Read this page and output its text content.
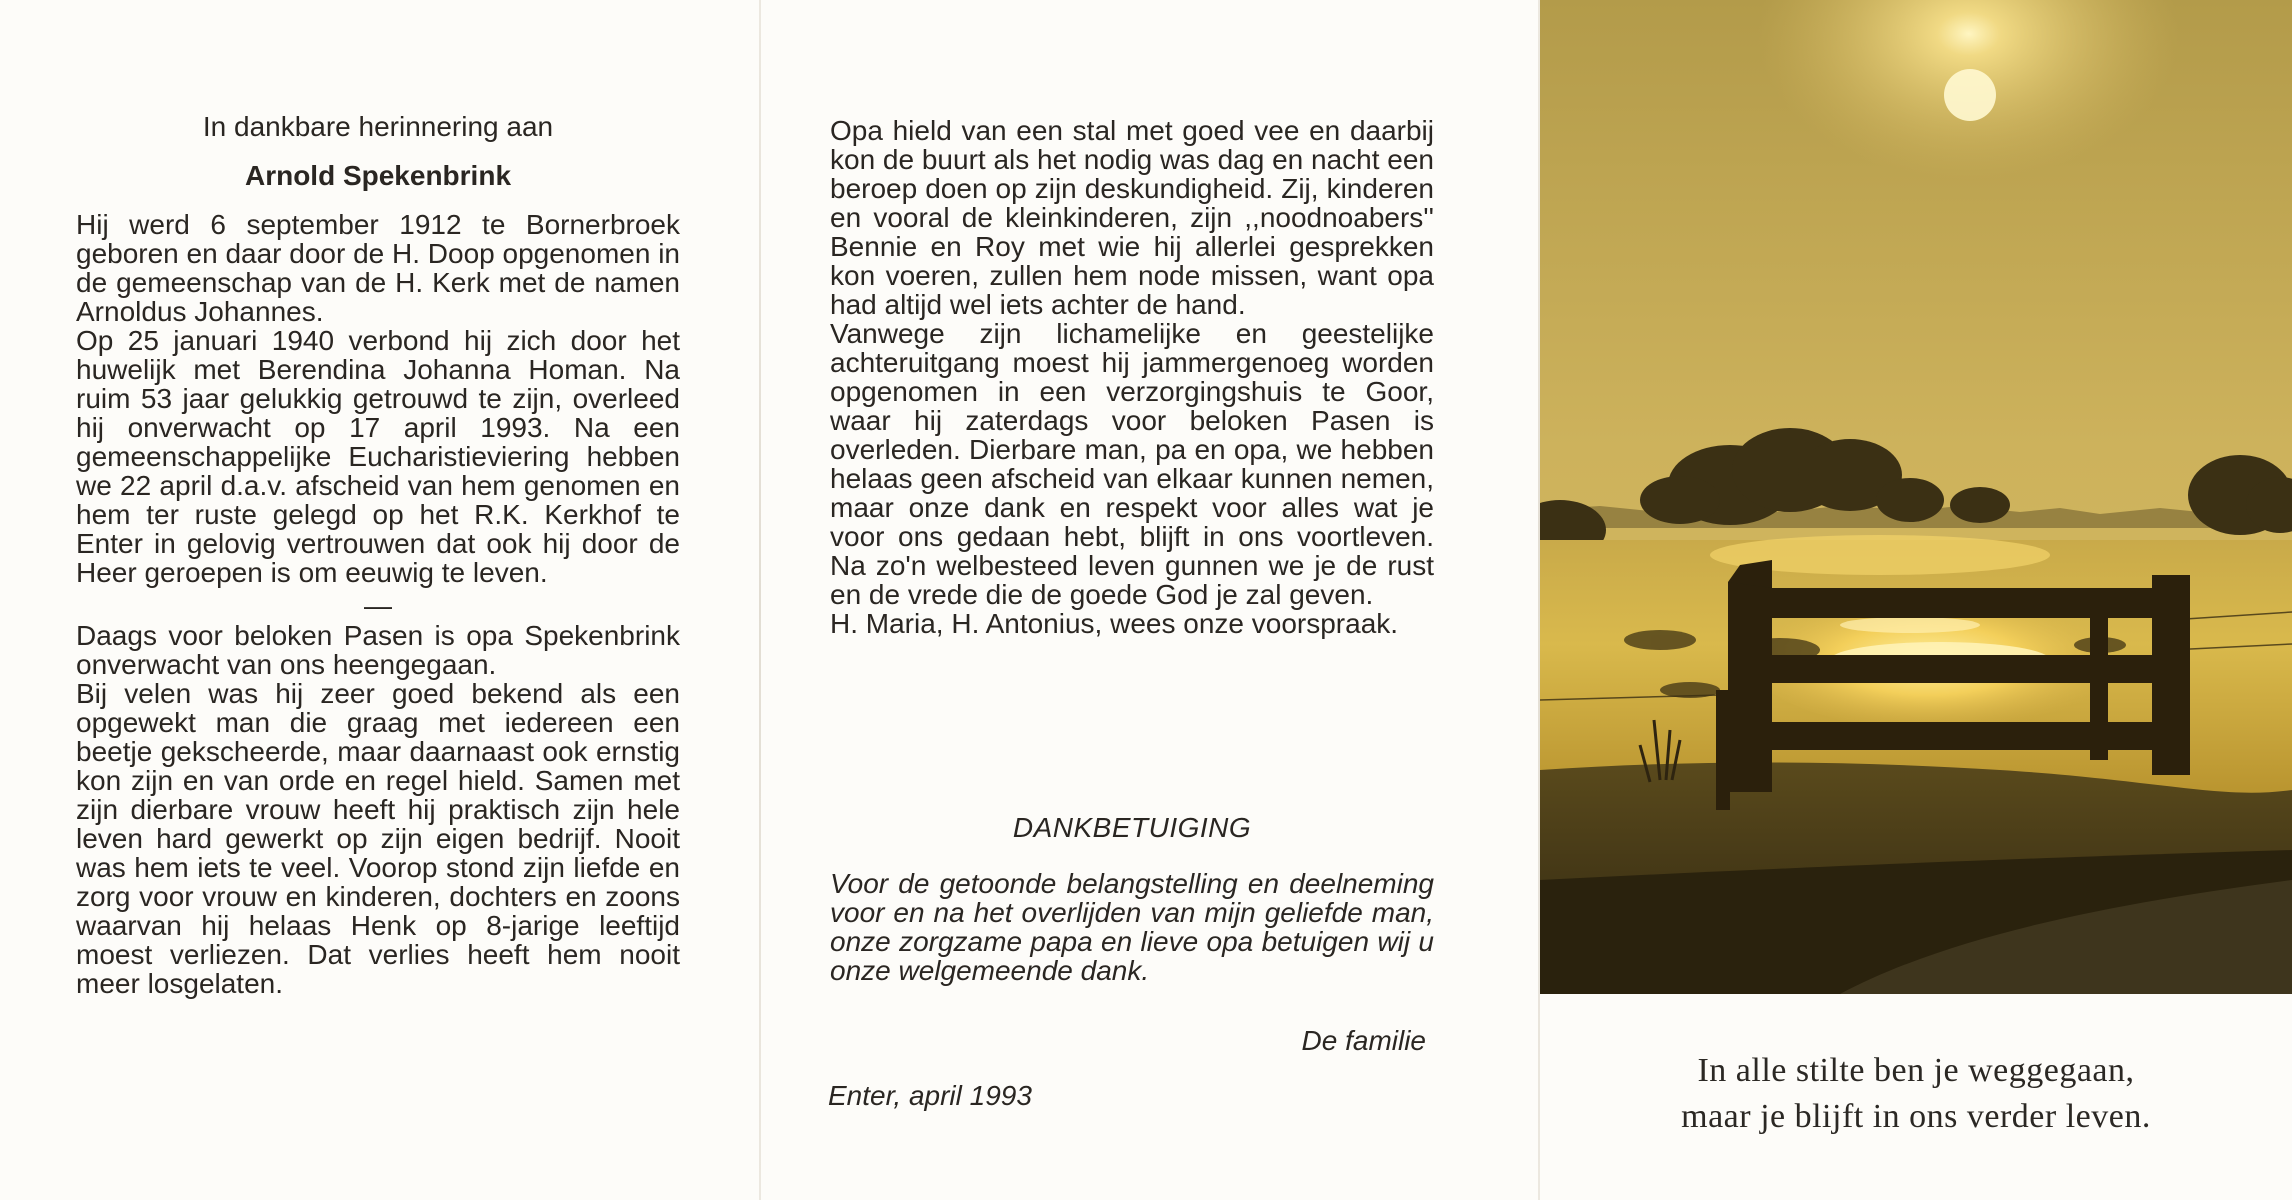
In dankbare herinnering aan

Arnold Spekenbrink

Hij werd 6 september 1912 te Bornerbroek geboren en daar door de H. Doop opgenomen in de gemeenschap van de H. Kerk met de namen Arnoldus Johannes.

Op 25 januari 1940 verbond hij zich door het huwelijk met Berendina Johanna Homan. Na ruim 53 jaar gelukkig getrouwd te zijn, overleed hij onverwacht op 17 april 1993. Na een gemeenschappelijke Eucharistieviering hebben we 22 april d.a.v. afscheid van hem genomen en hem ter ruste gelegd op het R.K. Kerkhof te Enter in gelovig vertrouwen dat ook hij door de Heer geroepen is om eeuwig te leven.

—

Daags voor beloken Pasen is opa Spekenbrink onverwacht van ons heengegaan.

Bij velen was hij zeer goed bekend als een opgewekt man die graag met iedereen een beetje gekscheerde, maar daarnaast ook ernstig kon zijn en van orde en regel hield. Samen met zijn dierbare vrouw heeft hij praktisch zijn hele leven hard gewerkt op zijn eigen bedrijf. Nooit was hem iets te veel. Voorop stond zijn liefde en zorg voor vrouw en kinderen, dochters en zoons waarvan hij helaas Henk op 8-jarige leeftijd moest verliezen. Dat verlies heeft hem nooit meer losgelaten.

Opa hield van een stal met goed vee en daarbij kon de buurt als het nodig was dag en nacht een beroep doen op zijn deskundigheid. Zij, kinderen en vooral de kleinkinderen, zijn ,,noodnoabers'' Bennie en Roy met wie hij allerlei gesprekken kon voeren, zullen hem node missen, want opa had altijd wel iets achter de hand.

Vanwege zijn lichamelijke en geestelijke achteruitgang moest hij jammergenoeg worden opgenomen in een verzorgingshuis te Goor, waar hij zaterdags voor beloken Pasen is overleden. Dierbare man, pa en opa, we hebben helaas geen afscheid van elkaar kunnen nemen, maar onze dank en respekt voor alles wat je voor ons gedaan hebt, blijft in ons voortleven. Na zo'n welbesteed leven gunnen we je de rust en de vrede die de goede God je zal geven.

H. Maria, H. Antonius, wees onze voorspraak.

DANKBETUIGING
Voor de getoonde belangstelling en deelneming voor en na het overlijden van mijn geliefde man, onze zorgzame papa en lieve opa betuigen wij u onze welgemeende dank.
De familie
Enter, april 1993
In alle stilte ben je weggegaan,
maar je blijft in ons verder leven.
